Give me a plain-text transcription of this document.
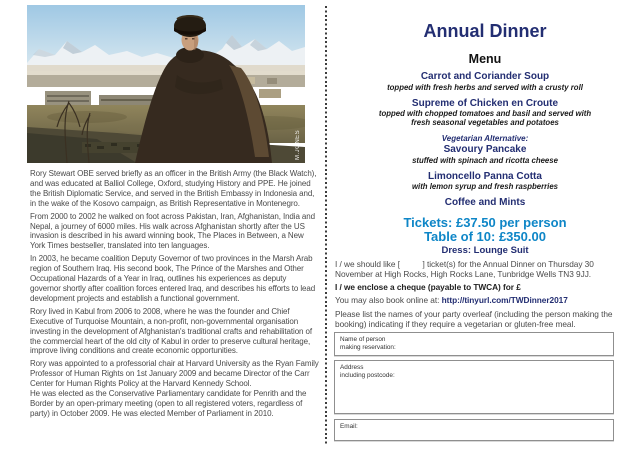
M.JONES

Rory Stewart OBE served briefly as an officer in the British Army (the Black Watch), and was educated at Balliol College, Oxford, studying History and PPE. He joined the British Diplomatic Service, and served in the British Embassy in Indonesia and, in the wake of the Kosovo campaign, as British Representative in Montenegro.

From 2000 to 2002 he walked on foot across Pakistan, Iran, Afghanistan, India and Nepal, a journey of 6000 miles. His walk across Afghanistan shortly after the US invasion is described in his award winning book, The Places in Between, a New York Times bestseller, translated into ten languages.

In 2003, he became coalition Deputy Governor of two provinces in the Marsh Arab region of Southern Iraq. His second book, The Prince of the Marshes and Other Occupational Hazards of a Year in Iraq, outlines his experiences as deputy governor shortly after coalition forces entered Iraq, and describes his efforts to lead development projects and establish a functional government.

Rory lived in Kabul from 2006 to 2008, where he was the founder and Chief Executive of Turquoise Mountain, a non-profit, non-governmental organisation investing in the development of Afghanistan's traditional crafts and rehabilitation of the commercial heart of the old city of Kabul in order to preserve cultural heritage, improve living conditions and create economic opportunities.

Rory was appointed to a professorial chair at Harvard University as the Ryan Family Professor of Human Rights on 1st January 2009 and became Director of the Carr Center for Human Rights Policy at the Harvard Kennedy School.

He was elected as the Conservative Parliamentary candidate for Penrith and the Border by an open-primary meeting (open to all registered voters, regardless of party) in October 2009. He was elected Member of Parliament in 2010.

Annual Dinner
Menu
Carrot and Coriander Soup
topped with fresh herbs and served with a crusty roll
Supreme of Chicken en Croute
topped with chopped tomatoes and basil and served with fresh seasonal vegetables and potatoes
Vegetarian Alternative:
Savoury Pancake
stuffed with spinach and ricotta cheese
Limoncello Panna Cotta
with lemon syrup and fresh raspberries
Coffee and Mints
Tickets: £37.50 per person
Table of 10: £350.00
Dress: Lounge Suit

I / we should like [          ] ticket(s) for the Annual Dinner on Thursday 30
November at High Rocks, High Rocks Lane, Tunbridge Wells TN3 9JJ.

I / we enclose a cheque (payable to TWCA) for £

You may also book online at: http://tinyurl.com/TWDinner2017

Please list the names of your party overleaf (including the person making the
booking) indicating if they require a vegetarian or gluten-free meal.

Name of person
making reservation:
Address
including postcode:
Email:
